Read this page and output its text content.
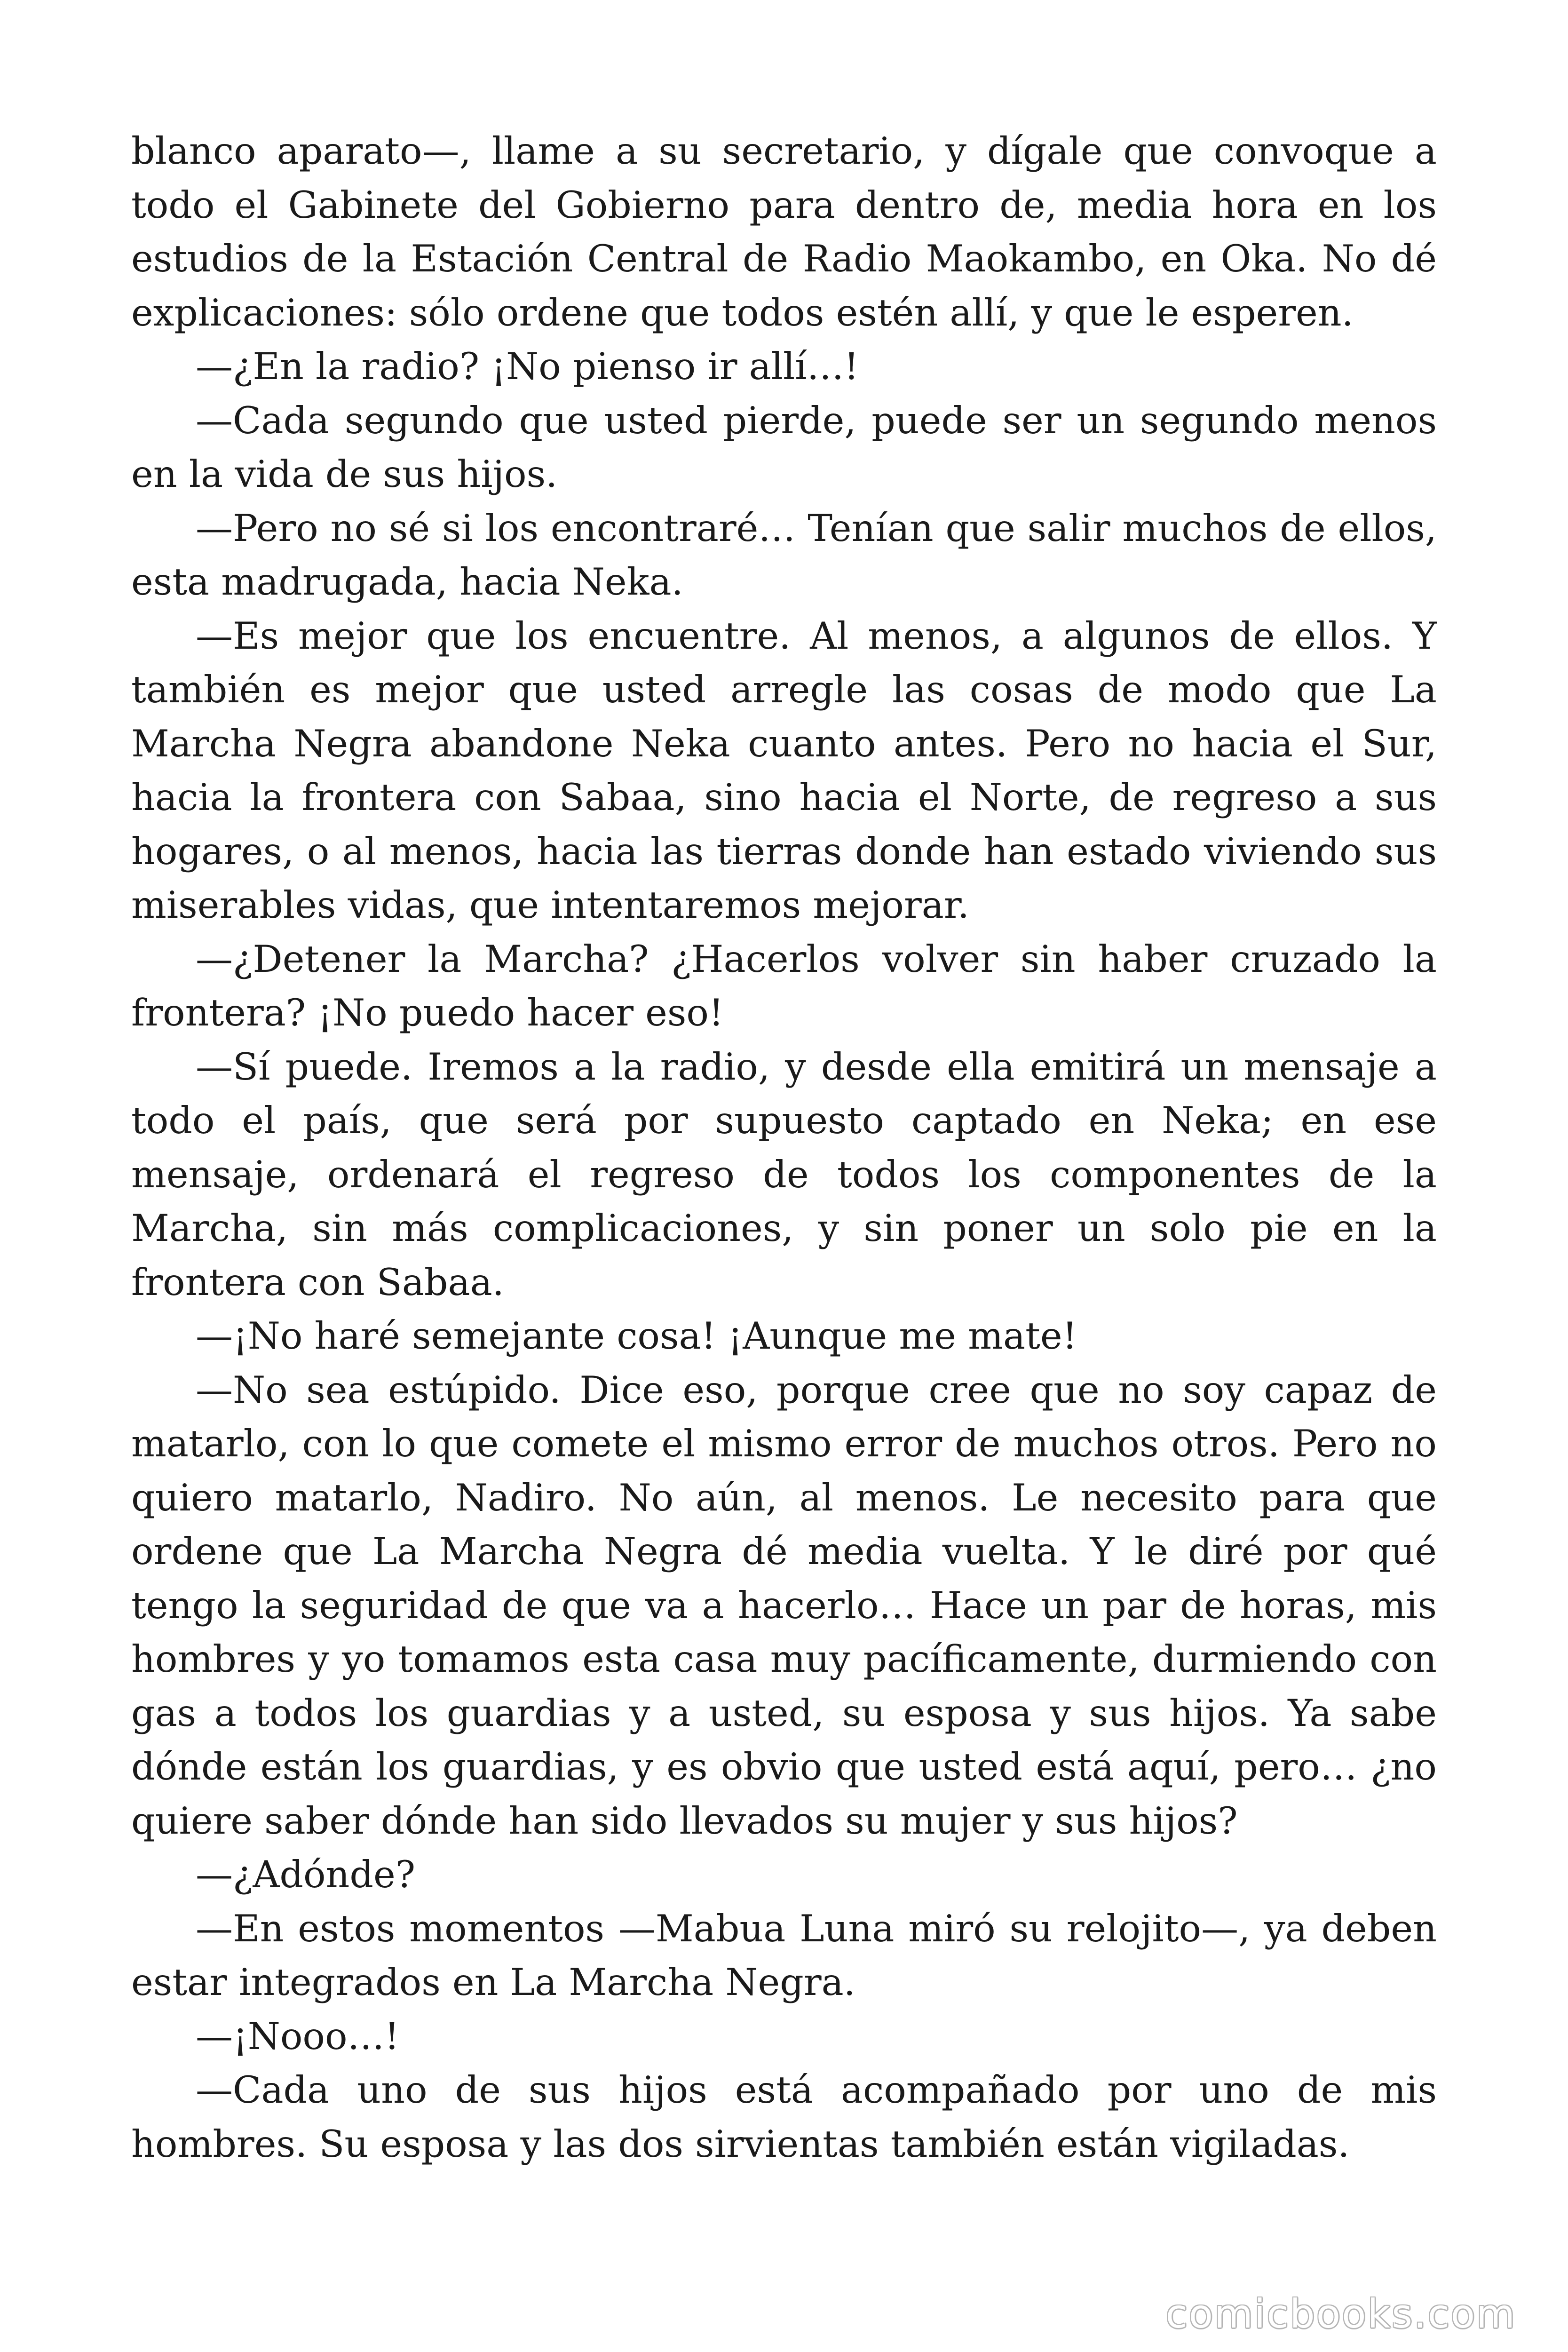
blanco aparato—, llame a su secretario, y dígale que convoque a todo el Gabinete del Gobierno para dentro de, media hora en los estudios de la Estación Central de Radio Maokambo, en Oka. No dé explicaciones: sólo ordene que todos estén allí, y que le esperen.

—¿En la radio? ¡No pienso ir allí…!

—Cada segundo que usted pierde, puede ser un segundo menos en la vida de sus hijos.

—Pero no sé si los encontraré… Tenían que salir muchos de ellos, esta madrugada, hacia Neka.

—Es mejor que los encuentre. Al menos, a algunos de ellos. Y también es mejor que usted arregle las cosas de modo que La Marcha Negra abandone Neka cuanto antes. Pero no hacia el Sur, hacia la frontera con Sabaa, sino hacia el Norte, de regreso a sus hogares, o al menos, hacia las tierras donde han estado viviendo sus miserables vidas, que intentaremos mejorar.

—¿Detener la Marcha? ¿Hacerlos volver sin haber cruzado la frontera? ¡No puedo hacer eso!

—Sí puede. Iremos a la radio, y desde ella emitirá un mensaje a todo el país, que será por supuesto captado en Neka; en ese mensaje, ordenará el regreso de todos los componentes de la Marcha, sin más complicaciones, y sin poner un solo pie en la frontera con Sabaa.

—¡No haré semejante cosa! ¡Aunque me mate!

—No sea estúpido. Dice eso, porque cree que no soy capaz de matarlo, con lo que comete el mismo error de muchos otros. Pero no quiero matarlo, Nadiro. No aún, al menos. Le necesito para que ordene que La Marcha Negra dé media vuelta. Y le diré por qué tengo la seguridad de que va a hacerlo… Hace un par de horas, mis hombres y yo tomamos esta casa muy pacíficamente, durmiendo con gas a todos los guardias y a usted, su esposa y sus hijos. Ya sabe dónde están los guardias, y es obvio que usted está aquí, pero… ¿no quiere saber dónde han sido llevados su mujer y sus hijos?

—¿Adónde?

—En estos momentos —Mabua Luna miró su relojito—, ya deben estar integrados en La Marcha Negra.

—¡Nooo…!

—Cada uno de sus hijos está acompañado por uno de mis hombres. Su esposa y las dos sirvientas también están vigiladas.

comicbooks.com
